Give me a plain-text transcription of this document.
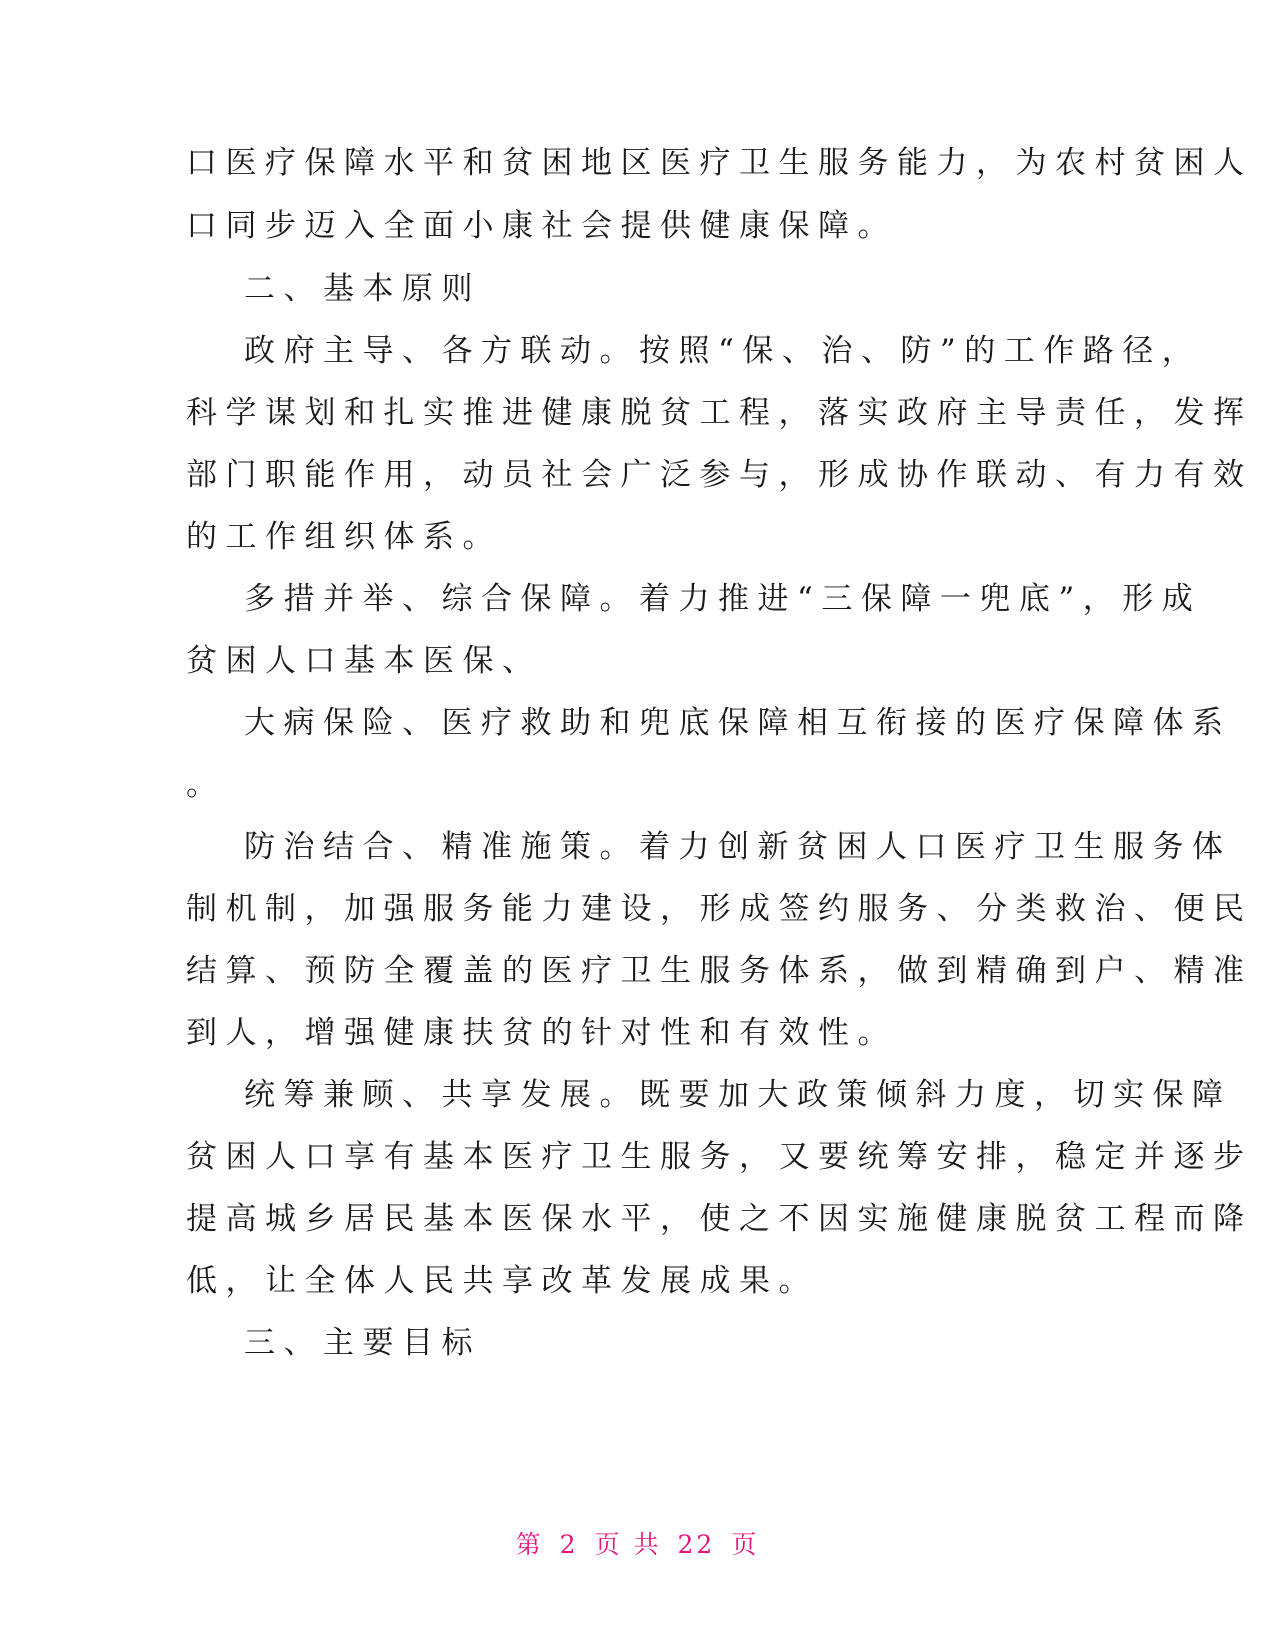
口医疗保障水平和贫困地区医疗卫生服务能力，为农村贫困人
口同步迈入全面小康社会提供健康保障。
二、基本原则
政府主导、各方联动。按照“保、治、防”的工作路径，
科学谋划和扎实推进健康脱贫工程，落实政府主导责任，发挥
部门职能作用，动员社会广泛参与，形成协作联动、有力有效
的工作组织体系。
多措并举、综合保障。着力推进“三保障一兜底”，形成
贫困人口基本医保、
大病保险、医疗救助和兜底保障相互衔接的医疗保障体系
。
防治结合、精准施策。着力创新贫困人口医疗卫生服务体
制机制，加强服务能力建设，形成签约服务、分类救治、便民
结算、预防全覆盖的医疗卫生服务体系，做到精确到户、精准
到人，增强健康扶贫的针对性和有效性。
统筹兼顾、共享发展。既要加大政策倾斜力度，切实保障
贫困人口享有基本医疗卫生服务，又要统筹安排，稳定并逐步
提高城乡居民基本医保水平，使之不因实施健康脱贫工程而降
低，让全体人民共享改革发展成果。
三、主要目标
第 2 页 共 22 页
